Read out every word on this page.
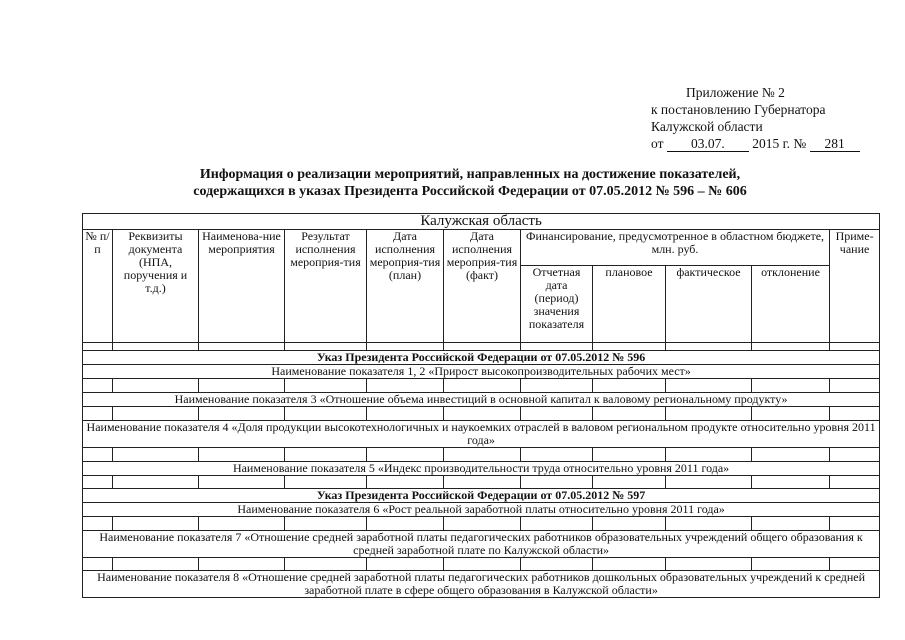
Приложение № 2
к постановлению Губернатора
Калужской области
от 03.07. 2015 г. № 281
Информация о реализации мероприятий, направленных на достижение показателей,
содержащихся в указах Президента Российской Федерации от 07.05.2012 № 596 – № 606
Калужская область										
№ п/п	Реквизиты документа (НПА, поручения и т.д.)	Наименова-ние мероприятия	Результат исполнения мероприя-тия	Дата исполнения мероприя-тия (план)	Дата исполнения мероприя-тия (факт)	Финансирование, предусмотренное в областном бюджете, млн. руб.				Приме-чание
						Отчетная дата (период) значения показателя	плановое	фактическое	отклонение	

Указ Президента Российской Федерации от 07.05.2012 № 596										
Наименование показателя 1, 2 «Прирост высокопроизводительных рабочих мест»										

Наименование показателя 3 «Отношение объема инвестиций в основной капитал к валовому региональному продукту»										

Наименование показателя 4 «Доля продукции высокотехнологичных и наукоемких отраслей в валовом региональном продукте относительно уровня 2011 года»										

Наименование показателя 5 «Индекс производительности труда относительно уровня 2011 года»										

Указ Президента Российской Федерации от 07.05.2012 № 597										
Наименование показателя 6 «Рост реальной заработной платы относительно уровня 2011 года»										

Наименование показателя 7 «Отношение средней заработной платы педагогических работников образовательных учреждений общего образования к средней заработной плате по Калужской области»										

Наименование показателя 8 «Отношение средней заработной платы педагогических работников дошкольных образовательных учреждений к средней заработной плате в сфере общего образования в Калужской области»										
